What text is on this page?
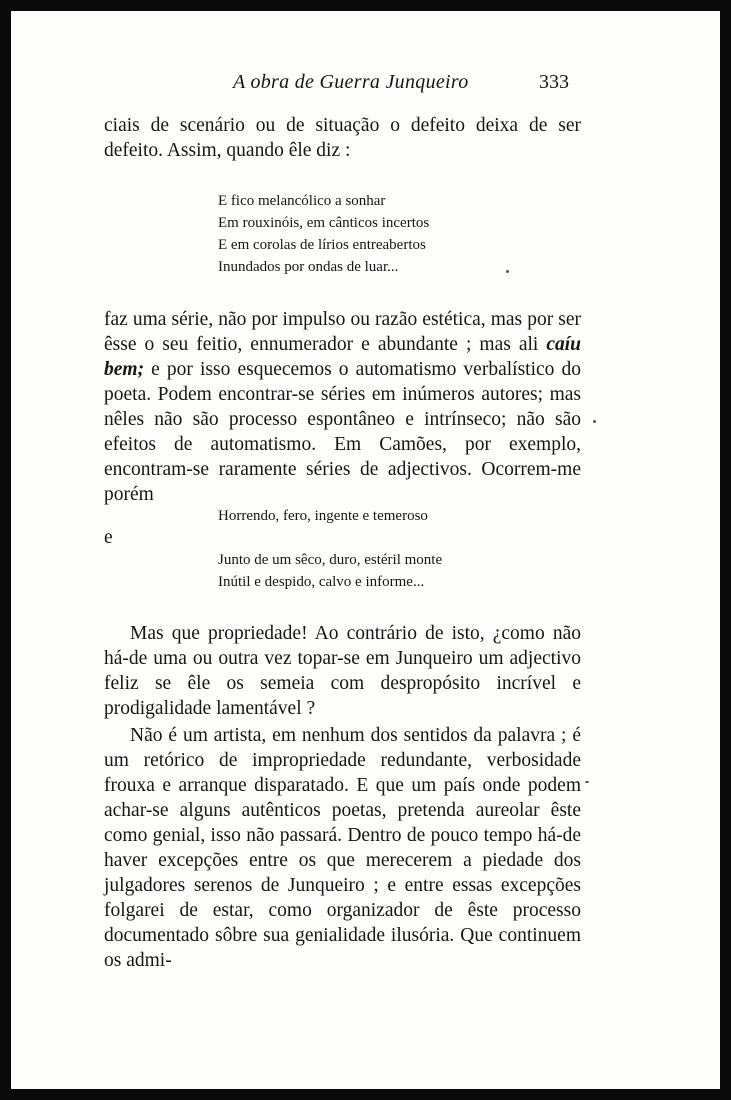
A obra de Guerra Junqueiro	333

ciais de scenário ou de situação o defeito deixa de ser defeito. Assim, quando êle diz :

E fico melancólico a sonhar
Em rouxinóis, em cânticos incertos
E em corolas de lírios entreabertos
Inundados por ondas de luar...

faz uma série, não por impulso ou razão estética, mas por ser êsse o seu feitio, ennumerador e abundante ; mas ali caíu bem; e por isso esquecemos o automatismo verbalístico do poeta. Podem encontrar-se séries em inúmeros autores; mas nêles não são processo espontâneo e intrínseco; não são efeitos de automatismo. Em Camões, por exemplo, encontram-se raramente séries de adjectivos. Ocorrem-me porém

Horrendo, fero, ingente e temeroso

e

Junto de um sêco, duro, estéril monte
Inútil e despido, calvo e informe...

Mas que propriedade! Ao contrário de isto, ¿como não há-de uma ou outra vez topar-se em Junqueiro um adjectivo feliz se êle os semeia com despropósito incrível e prodigalidade lamentável ?

Não é um artista, em nenhum dos sentidos da palavra ; é um retórico de impropriedade redundante, verbosidade frouxa e arranque disparatado. E que um país onde podem achar-se alguns autênticos poetas, pretenda aureolar êste como genial, isso não passará. Dentro de pouco tempo há-de haver excepções entre os que merecerem a piedade dos julgadores serenos de Junqueiro ; e entre essas excepções folgarei de estar, como organizador de êste processo documentado sôbre sua genialidade ilusória. Que continuem os admi-
